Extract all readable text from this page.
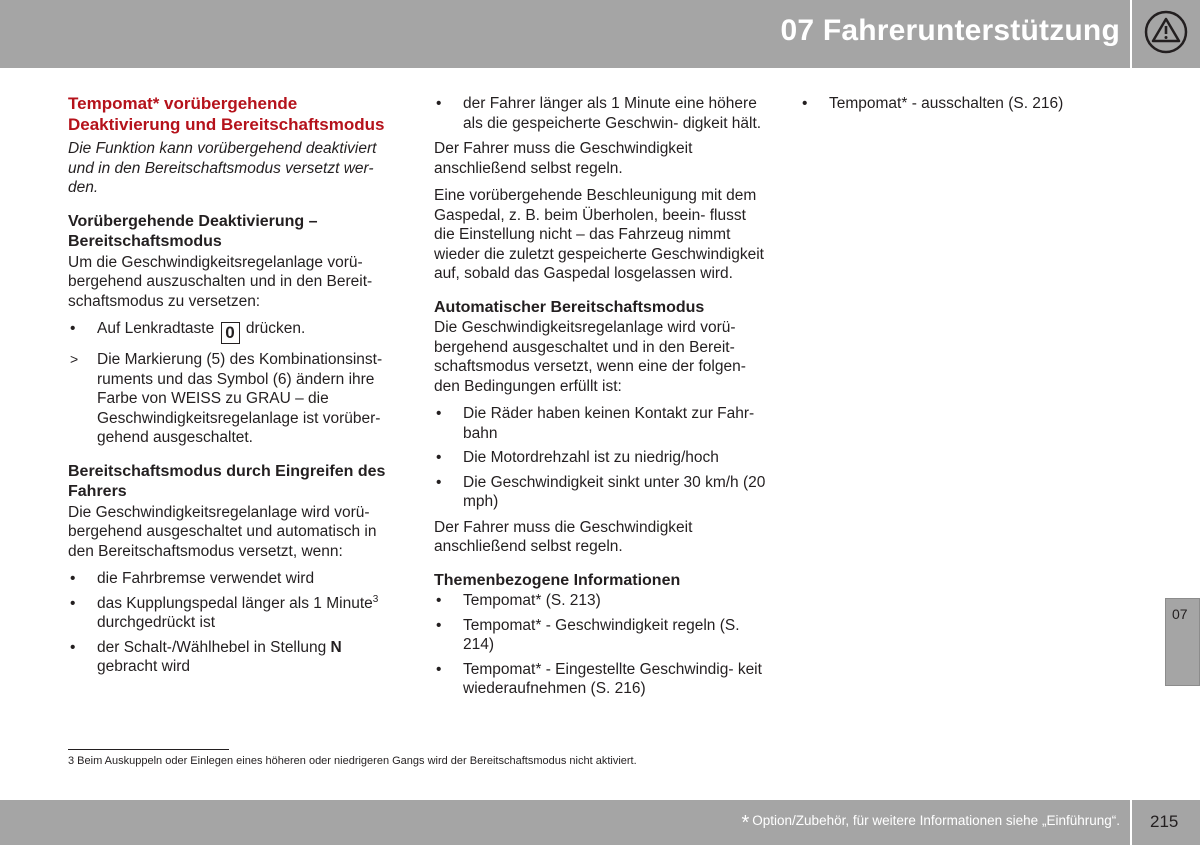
07 Fahrerunterstützung
Tempomat* vorübergehende Deaktivierung und Bereitschaftsmodus
Die Funktion kann vorübergehend deaktiviert und in den Bereitschaftsmodus versetzt wer- den.
Vorübergehende Deaktivierung – Bereitschaftsmodus

Um die Geschwindigkeitsregelanlage vorü- bergehend auszuschalten und in den Bereit- schaftsmodus zu versetzen:

• Auf Lenkradtaste 0 drücken.
> Die Markierung (5) des Kombinationsinst- ruments und das Symbol (6) ändern ihre Farbe von WEISS zu GRAU – die Geschwindigkeitsregelanlage ist vorüber- gehend ausgeschaltet.
Bereitschaftsmodus durch Eingreifen des Fahrers

Die Geschwindigkeitsregelanlage wird vorü- bergehend ausgeschaltet und automatisch in den Bereitschaftsmodus versetzt, wenn:

• die Fahrbremse verwendet wird
• das Kupplungspedal länger als 1 Minute$^3$ durchgedrückt ist
• der Schalt-/Wählhebel in Stellung N gebracht wird
• der Fahrer länger als 1 Minute eine höhere als die gespeicherte Geschwin- digkeit hält.

Der Fahrer muss die Geschwindigkeit anschließend selbst regeln.

Eine vorübergehende Beschleunigung mit dem Gaspedal, z. B. beim Überholen, beein- flusst die Einstellung nicht – das Fahrzeug nimmt wieder die zuletzt gespeicherte Geschwindigkeit auf, sobald das Gaspedal losgelassen wird.

Automatischer Bereitschaftsmodus

Die Geschwindigkeitsregelanlage wird vorü- bergehend ausgeschaltet und in den Bereit- schaftsmodus versetzt, wenn eine der folgen- den Bedingungen erfüllt ist:

• Die Räder haben keinen Kontakt zur Fahr- bahn
• Die Motordrehzahl ist zu niedrig/hoch
• Die Geschwindigkeit sinkt unter 30 km/h (20 mph)

Der Fahrer muss die Geschwindigkeit anschließend selbst regeln.

Themenbezogene Informationen
• Tempomat* (S. 213)
• Tempomat* - Geschwindigkeit regeln (S. 214)
• Tempomat* - Eingestellte Geschwindig- keit wiederaufnehmen (S. 216)
• Tempomat* - ausschalten (S. 216)
3 Beim Auskuppeln oder Einlegen eines höheren oder niedrigeren Gangs wird der Bereitschaftsmodus nicht aktiviert.
07
* Option/Zubehör, für weitere Informationen siehe „Einführung“. 215
